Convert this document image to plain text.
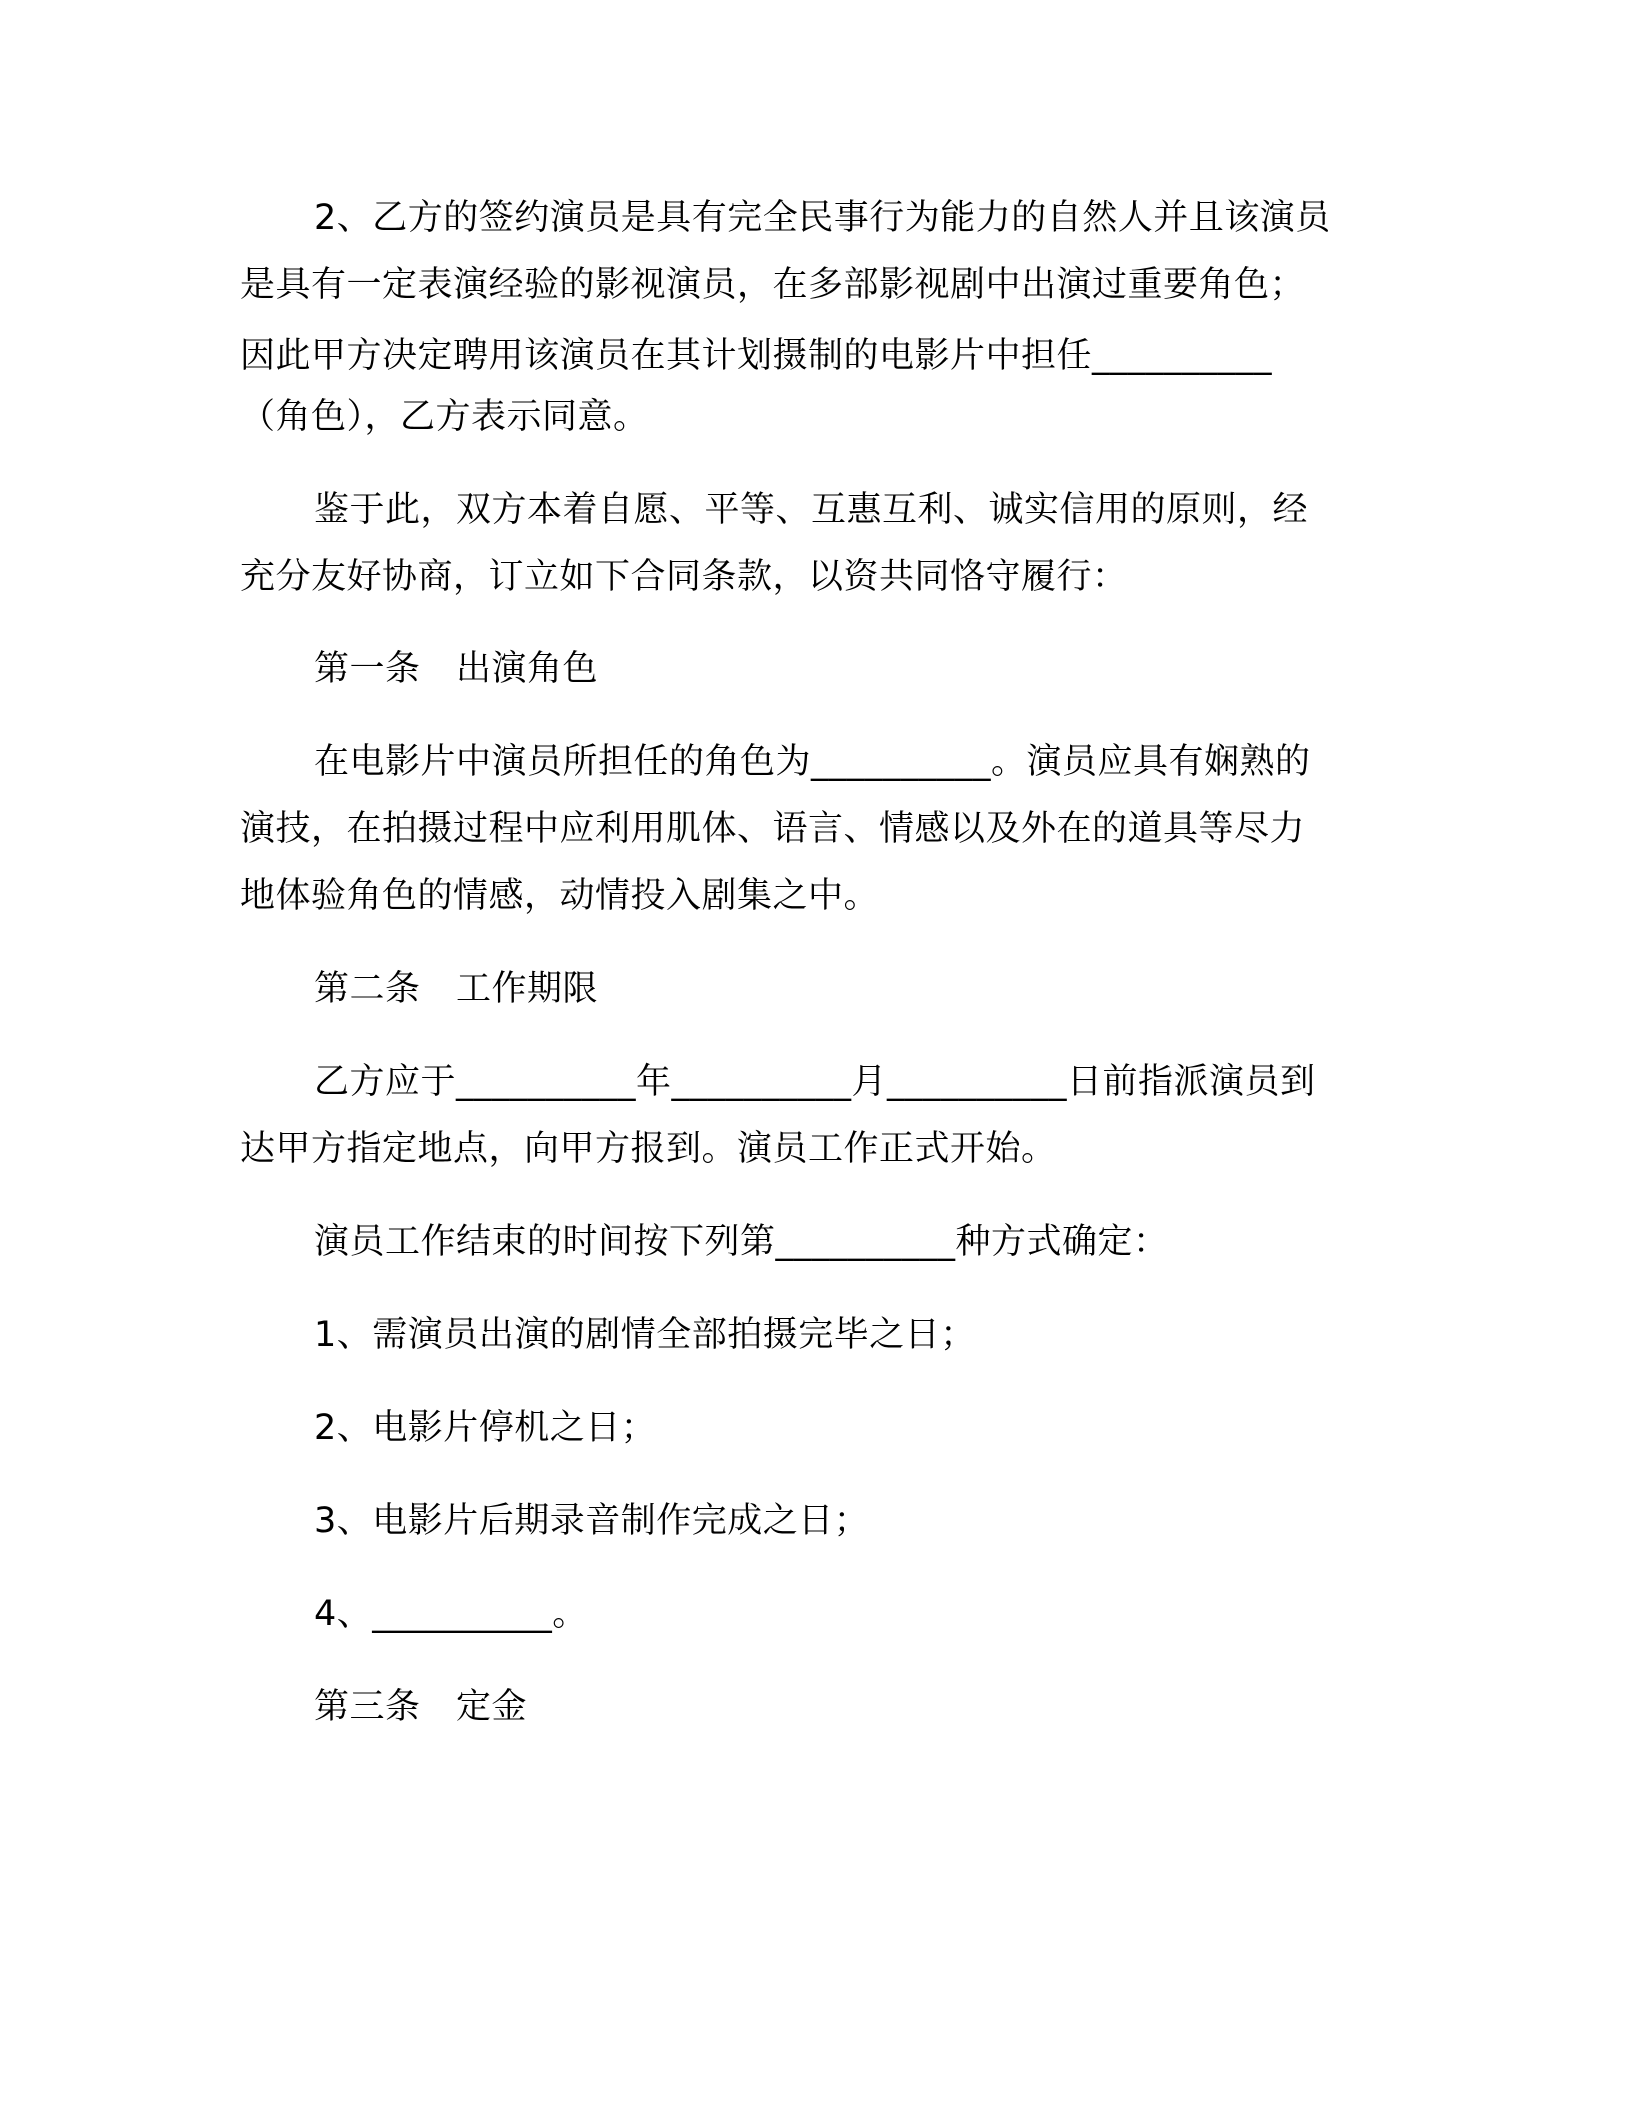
2、乙方的签约演员是具有完全民事行为能力的自然人并且该演员
是具有一定表演经验的影视演员，在多部影视剧中出演过重要角色；
因此甲方决定聘用该演员在其计划摄制的电影片中担任__________
（角色），乙方表示同意。
鉴于此，双方本着自愿、平等、互惠互利、诚实信用的原则，经
充分友好协商，订立如下合同条款，以资共同恪守履行：
第一条　出演角色
在电影片中演员所担任的角色为__________。演员应具有娴熟的
演技，在拍摄过程中应利用肌体、语言、情感以及外在的道具等尽力
地体验角色的情感，动情投入剧集之中。
第二条　工作期限
乙方应于__________年__________月__________日前指派演员到
达甲方指定地点，向甲方报到。演员工作正式开始。
演员工作结束的时间按下列第__________种方式确定：
1、需演员出演的剧情全部拍摄完毕之日；
2、电影片停机之日；
3、电影片后期录音制作完成之日；
4、__________。
第三条　定金
